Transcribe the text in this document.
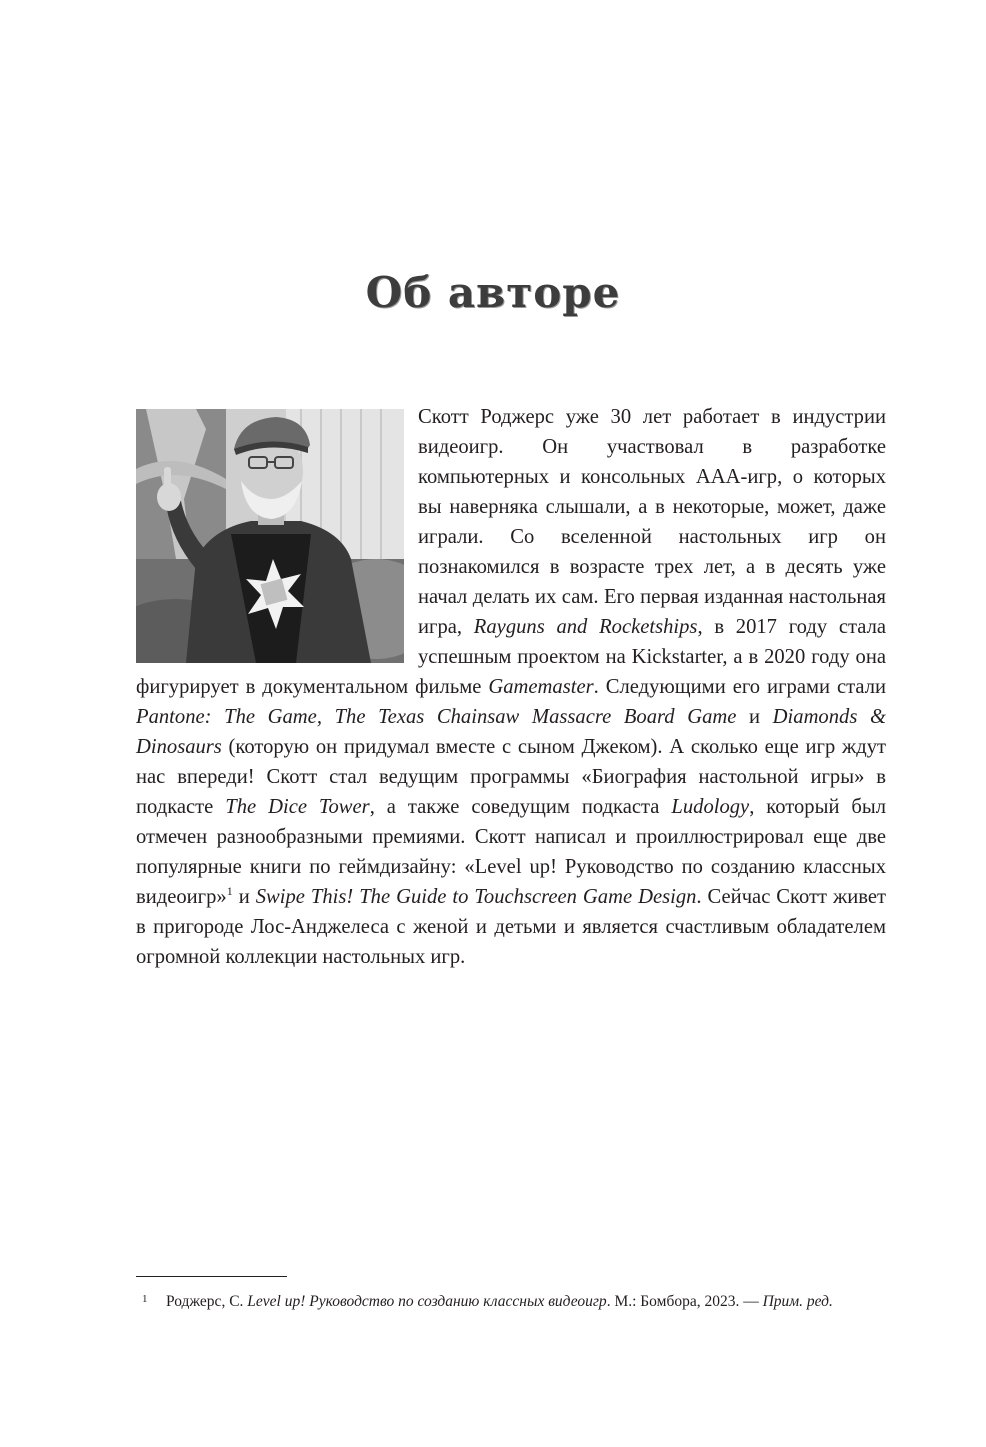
Об авторе

Скотт Роджерс уже 30 лет работает в индустрии видеоигр. Он участвовал в разработке компьютерных и консольных AAA-игр, о которых вы наверняка слышали, а в некоторые, может, даже играли. Со вселенной настольных игр он познакомился в возрасте трех лет, а в десять уже начал делать их сам. Его первая изданная настольная игра, Rayguns and Rocketships, в 2017 году стала успешным проектом на Kickstarter, а в 2020 году она фигурирует в документальном фильме Gamemaster. Следующими его играми стали Pantone: The Game, The Texas Chainsaw Massacre Board Game и Diamonds & Dinosaurs (которую он придумал вместе с сыном Джеком). А сколько еще игр ждут нас впереди! Скотт стал ведущим программы «Биография настольной игры» в подкасте The Dice Tower, а также соведущим подкаста Ludology, который был отмечен разнообразными премиями. Скотт написал и проиллюстрировал еще две популярные книги по геймдизайну: «Level up! Руководство по созданию классных видеоигр»$^1$ и Swipe This! The Guide to Touchscreen Game Design. Сейчас Скотт живет в пригороде Лос-Анджелеса с женой и детьми и является счастливым обладателем огромной коллекции настольных игр.

1 Роджерс, С. Level up! Руководство по созданию классных видеоигр. М.: Бомбора, 2023. — Прим. ред.
